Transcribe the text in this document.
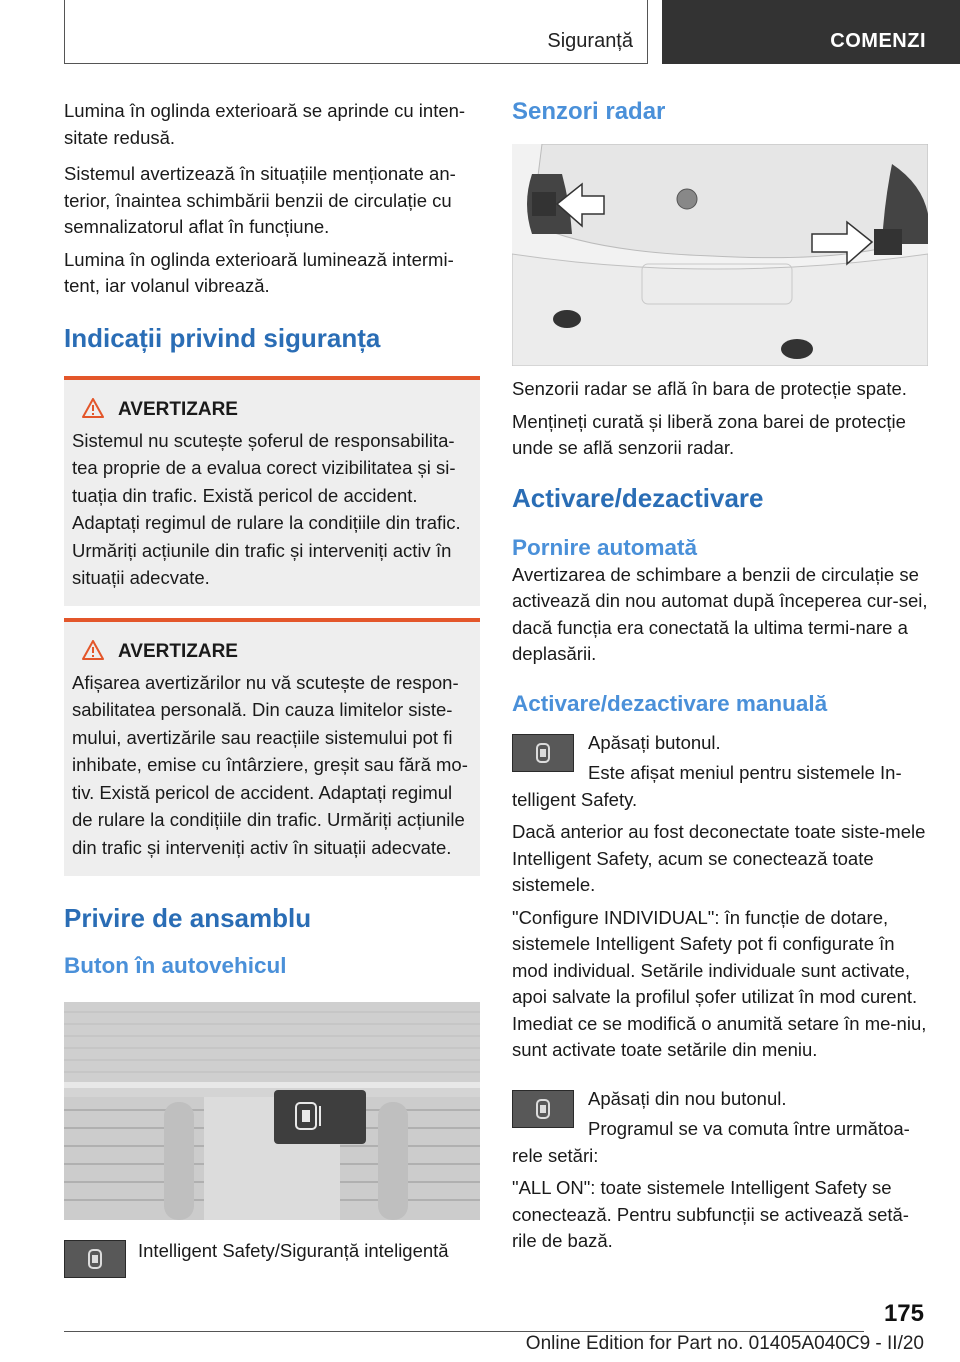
Siguranță	COMENZI

Lumina în oglinda exterioară se aprinde cu inten-sitate redusă.

Sistemul avertizează în situațiile menționate an-terior, înaintea schimbării benzii de circulație cu semnalizatorul aflat în funcțiune.

Lumina în oglinda exterioară luminează intermi-tent, iar volanul vibrează.

Indicații privind siguranța
AVERTIZARE

Sistemul nu scutește șoferul de responsabilita-tea proprie de a evalua corect vizibilitatea și si-tuația din trafic. Există pericol de accident. Adaptați regimul de rulare la condițiile din trafic. Urmăriți acțiunile din trafic și interveniți activ în situații adecvate.

AVERTIZARE

Afișarea avertizărilor nu vă scutește de respon-sabilitatea personală. Din cauza limitelor siste-mului, avertizările sau reacțiile sistemului pot fi inhibate, emise cu întârziere, greșit sau fără mo-tiv. Există pericol de accident. Adaptați regimul de rulare la condițiile din trafic. Urmăriți acțiunile din trafic și interveniți activ în situații adecvate.

Privire de ansamblu
Buton în autovehicul

Intelligent Safety/Siguranță inteligentă

Senzori radar

Senzorii radar se află în bara de protecție spate.

Mențineți curată și liberă zona barei de protecție unde se află senzorii radar.

Activare/dezactivare
Pornire automată

Avertizarea de schimbare a benzii de circulație se activează din nou automat după începerea cur-sei, dacă funcția era conectată la ultima termi-nare a deplasării.

Activare/dezactivare manuală

Apăsați butonul.

Este afișat meniul pentru sistemele In-telligent Safety.

Dacă anterior au fost deconectate toate siste-mele Intelligent Safety, acum se conectează toate sistemele.

"Configure INDIVIDUAL": în funcție de dotare, sistemele Intelligent Safety pot fi configurate în mod individual. Setările individuale sunt activate, apoi salvate la profilul șofer utilizat în mod curent. Imediat ce se modifică o anumită setare în me-niu, sunt activate toate setările din meniu.

Apăsați din nou butonul.

Programul se va comuta între următoa-rele setări:

"ALL ON": toate sistemele Intelligent Safety se conectează. Pentru subfuncții se activează setă-rile de bază.

175
Online Edition for Part no. 01405A040C9 - II/20
